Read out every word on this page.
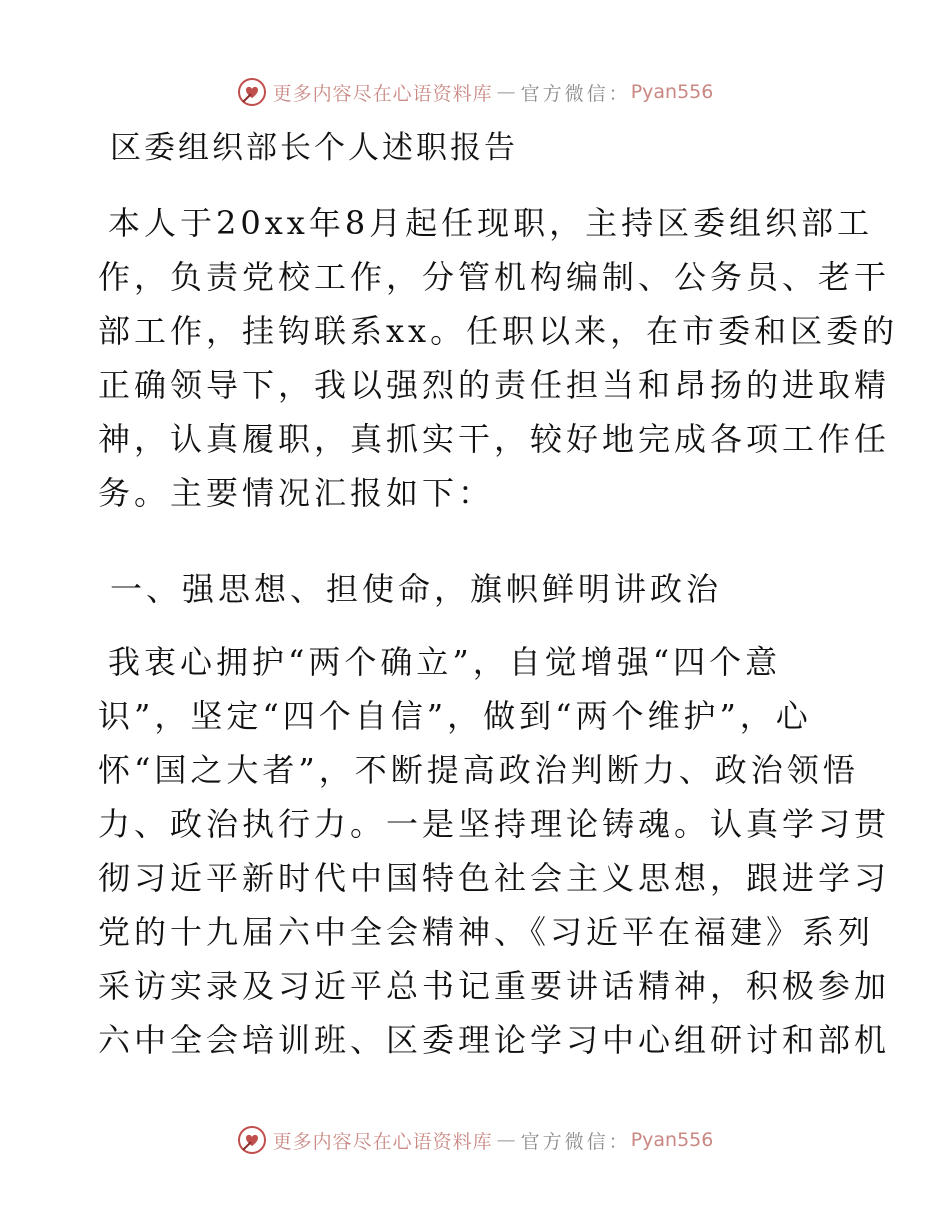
更多内容尽在心语资料库 — 官方微信： Pyan556
区委组织部长个人述职报告
本人于20xx年8月起任现职，主持区委组织部工
作，负责党校工作，分管机构编制、公务员、老干
部工作，挂钩联系xx。任职以来，在市委和区委的
正确领导下，我以强烈的责任担当和昂扬的进取精
神，认真履职，真抓实干，较好地完成各项工作任
务。主要情况汇报如下：
一、强思想、担使命，旗帜鲜明讲政治
我衷心拥护“两个确立”，自觉增强“四个意
识”，坚定“四个自信”，做到“两个维护”，心
怀“国之大者”，不断提高政治判断力、政治领悟
力、政治执行力。一是坚持理论铸魂。认真学习贯
彻习近平新时代中国特色社会主义思想，跟进学习
党的十九届六中全会精神、《习近平在福建》系列
采访实录及习近平总书记重要讲话精神，积极参加
六中全会培训班、区委理论学习中心组研讨和部机
更多内容尽在心语资料库 — 官方微信： Pyan556
